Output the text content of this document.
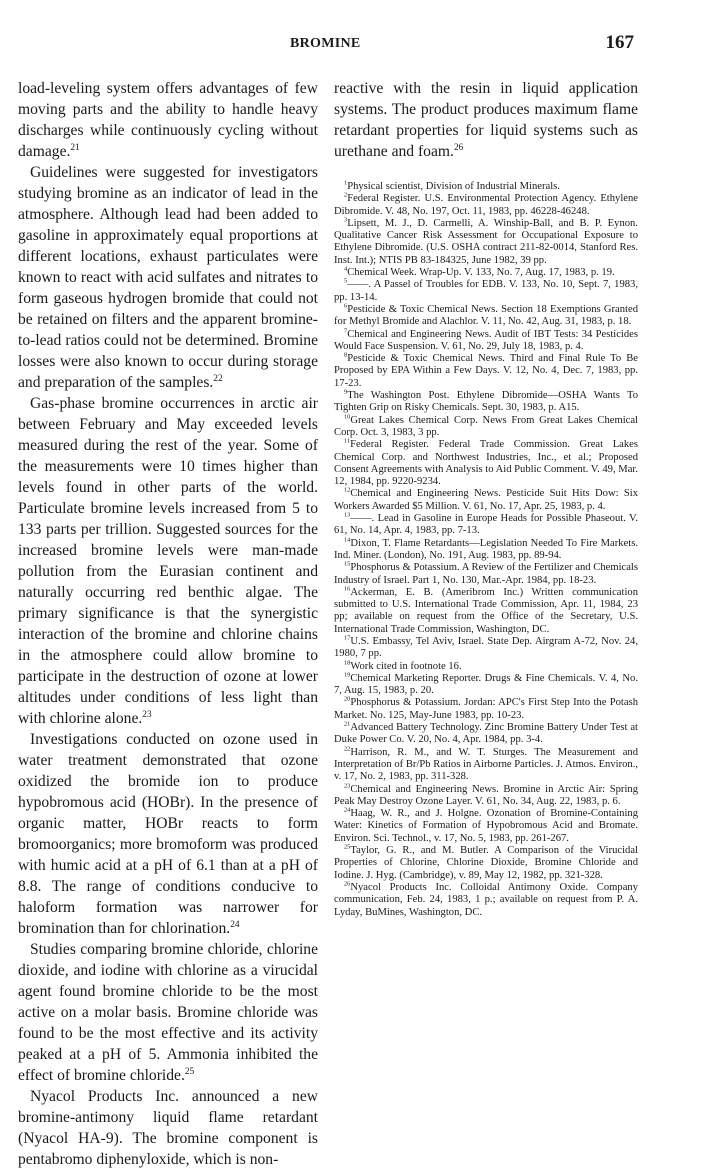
BROMINE	167

load-leveling system offers advantages of few moving parts and the ability to handle heavy discharges while continuously cycling without damage.$^{21}$

Guidelines were suggested for investigators studying bromine as an indicator of lead in the atmosphere. Although lead had been added to gasoline in approximately equal proportions at different locations, exhaust particulates were known to react with acid sulfates and nitrates to form gaseous hydrogen bromide that could not be retained on filters and the apparent bromine-to-lead ratios could not be determined. Bromine losses were also known to occur during storage and preparation of the samples.$^{22}$

Gas-phase bromine occurrences in arctic air between February and May exceeded levels measured during the rest of the year. Some of the measurements were 10 times higher than levels found in other parts of the world. Particulate bromine levels increased from 5 to 133 parts per trillion. Suggested sources for the increased bromine levels were man-made pollution from the Eurasian continent and naturally occurring red benthic algae. The primary significance is that the synergistic interaction of the bromine and chlorine chains in the atmosphere could allow bromine to participate in the destruction of ozone at lower altitudes under conditions of less light than with chlorine alone.$^{23}$

Investigations conducted on ozone used in water treatment demonstrated that ozone oxidized the bromide ion to produce hypobromous acid (HOBr). In the presence of organic matter, HOBr reacts to form bromoorganics; more bromoform was produced with humic acid at a pH of 6.1 than at a pH of 8.8. The range of conditions conducive to haloform formation was narrower for bromination than for chlorination.$^{24}$

Studies comparing bromine chloride, chlorine dioxide, and iodine with chlorine as a virucidal agent found bromine chloride to be the most active on a molar basis. Bromine chloride was found to be the most effective and its activity peaked at a pH of 5. Ammonia inhibited the effect of bromine chloride.$^{25}$

Nyacol Products Inc. announced a new bromine-antimony liquid flame retardant (Nyacol HA-9). The bromine component is pentabromo diphenyloxide, which is non-

reactive with the resin in liquid application systems. The product produces maximum flame retardant properties for liquid systems such as urethane and foam.$^{26}$

$^1$Physical scientist, Division of Industrial Minerals.

$^2$Federal Register. U.S. Environmental Protection Agency. Ethylene Dibromide. V. 48, No. 197, Oct. 11, 1983, pp. 46228-46248.

$^3$Lipsett, M. J., D. Carmelli, A. Winship-Ball, and B. P. Eynon. Qualitative Cancer Risk Assessment for Occupational Exposure to Ethylene Dibromide. (U.S. OSHA contract 211-82-0014, Stanford Res. Inst. Int.); NTIS PB 83-184325, June 1982, 39 pp.

$^4$Chemical Week. Wrap-Up. V. 133, No. 7, Aug. 17, 1983, p. 19.

$^5$——. A Passel of Troubles for EDB. V. 133, No. 10, Sept. 7, 1983, pp. 13-14.

$^6$Pesticide & Toxic Chemical News. Section 18 Exemptions Granted for Methyl Bromide and Alachlor. V. 11, No. 42, Aug. 31, 1983, p. 18.

$^7$Chemical and Engineering News. Audit of IBT Tests: 34 Pesticides Would Face Suspension. V. 61, No. 29, July 18, 1983, p. 4.

$^8$Pesticide & Toxic Chemical News. Third and Final Rule To Be Proposed by EPA Within a Few Days. V. 12, No. 4, Dec. 7, 1983, pp. 17-23.

$^9$The Washington Post. Ethylene Dibromide—OSHA Wants To Tighten Grip on Risky Chemicals. Sept. 30, 1983, p. A15.

$^{10}$Great Lakes Chemical Corp. News From Great Lakes Chemical Corp. Oct. 3, 1983, 3 pp.

$^{11}$Federal Register. Federal Trade Commission. Great Lakes Chemical Corp. and Northwest Industries, Inc., et al.; Proposed Consent Agreements with Analysis to Aid Public Comment. V. 49, Mar. 12, 1984, pp. 9220-9234.

$^{12}$Chemical and Engineering News. Pesticide Suit Hits Dow: Six Workers Awarded $5 Million. V. 61, No. 17, Apr. 25, 1983, p. 4.

$^{13}$——. Lead in Gasoline in Europe Heads for Possible Phaseout. V. 61, No. 14, Apr. 4, 1983, pp. 7-13.

$^{14}$Dixon, T. Flame Retardants—Legislation Needed To Fire Markets. Ind. Miner. (London), No. 191, Aug. 1983, pp. 89-94.

$^{15}$Phosphorus & Potassium. A Review of the Fertilizer and Chemicals Industry of Israel. Part 1, No. 130, Mar.-Apr. 1984, pp. 18-23.

$^{16}$Ackerman, E. B. (Ameribrom Inc.) Written communication submitted to U.S. International Trade Commission, Apr. 11, 1984, 23 pp; available on request from the Office of the Secretary, U.S. International Trade Commission, Washington, DC.

$^{17}$U.S. Embassy, Tel Aviv, Israel. State Dep. Airgram A-72, Nov. 24, 1980, 7 pp.

$^{18}$Work cited in footnote 16.

$^{19}$Chemical Marketing Reporter. Drugs & Fine Chemicals. V. 4, No. 7, Aug. 15, 1983, p. 20.

$^{20}$Phosphorus & Potassium. Jordan: APC's First Step Into the Potash Market. No. 125, May-June 1983, pp. 10-23.

$^{21}$Advanced Battery Technology. Zinc Bromine Battery Under Test at Duke Power Co. V. 20, No. 4, Apr. 1984, pp. 3-4.

$^{22}$Harrison, R. M., and W. T. Sturges. The Measurement and Interpretation of Br/Pb Ratios in Airborne Particles. J. Atmos. Environ., v. 17, No. 2, 1983, pp. 311-328.

$^{23}$Chemical and Engineering News. Bromine in Arctic Air: Spring Peak May Destroy Ozone Layer. V. 61, No. 34, Aug. 22, 1983, p. 6.

$^{24}$Haag, W. R., and J. Holgne. Ozonation of Bromine-Containing Water: Kinetics of Formation of Hypobromous Acid and Bromate. Environ. Sci. Technol., v. 17, No. 5, 1983, pp. 261-267.

$^{25}$Taylor, G. R., and M. Butler. A Comparison of the Virucidal Properties of Chlorine, Chlorine Dioxide, Bromine Chloride and Iodine. J. Hyg. (Cambridge), v. 89, May 12, 1982, pp. 321-328.

$^{26}$Nyacol Products Inc. Colloidal Antimony Oxide. Company communication, Feb. 24, 1983, 1 p.; available on request from P. A. Lyday, BuMines, Washington, DC.
